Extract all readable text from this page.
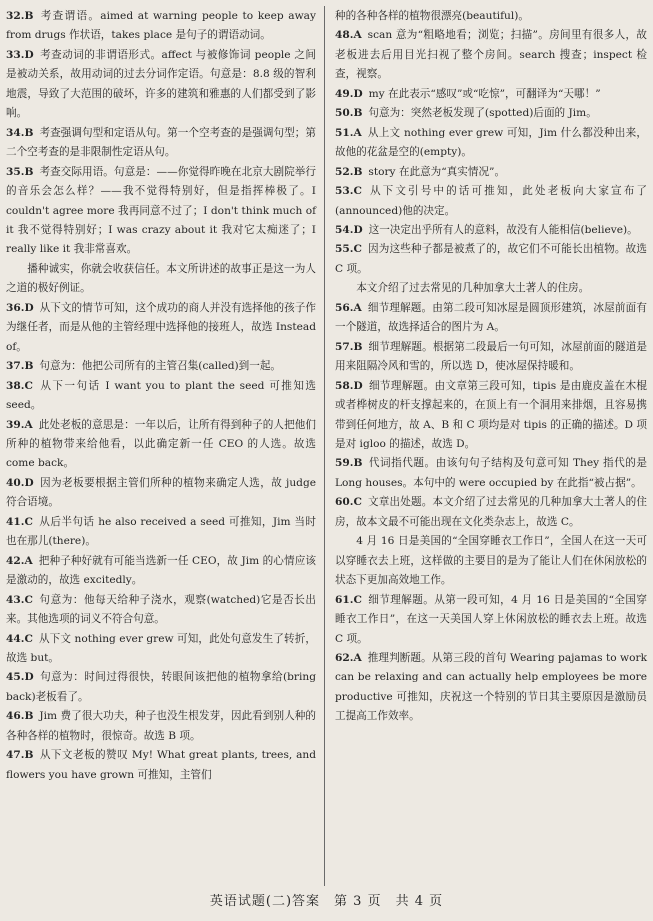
32.B 考查谓语。aimed at warning people to keep away from drugs 作状语，takes place 是句子的谓语动词。

33.D 考查动词的非谓语形式。affect 与被修饰词 people 之间是被动关系，故用动词的过去分词作定语。句意是：8.8 级的智利地震，导致了大范围的破坏，许多的建筑和雅惠的人们都受到了影响。

34.B 考查强调句型和定语从句。第一个空考查的是强调句型；第二个空考查的是非限制性定语从句。

35.B 考查交际用语。句意是：——你觉得昨晚在北京大剧院举行的音乐会怎么样？——我不觉得特别好，但是指挥棒极了。I couldn't agree more 我再同意不过了；I don't think much of it 我不觉得特别好；I was crazy about it 我对它太痴迷了；I really like it 我非常喜欢。

播种诚实，你就会收获信任。本文所讲述的故事正是这一为人之道的极好例证。

36.D 从下文的情节可知，这个成功的商人并没有选择他的孩子作为继任者，而是从他的主管经理中选择他的接班人，故选 Instead of。

37.B 句意为：他把公司所有的主管召集(called)到一起。

38.C 从下一句话 I want you to plant the seed 可推知选 seed。

39.A 此处老板的意思是：一年以后，让所有得到种子的人把他们所种的植物带来给他看，以此确定新一任 CEO 的人选。故选 come back。

40.D 因为老板要根据主管们所种的植物来确定人选，故 judge 符合语境。

41.C 从后半句话 he also received a seed 可推知，Jim 当时也在那儿(there)。

42.A 把种子种好就有可能当选新一任 CEO，故 Jim 的心情应该是激动的，故选 excitedly。

43.C 句意为：他每天给种子浇水，观察(watched)它是否长出来。其他选项的词义不符合句意。

44.C 从下文 nothing ever grew 可知，此处句意发生了转折，故选 but。

45.D 句意为：时间过得很快，转眼间该把他的植物拿给(bring back)老板看了。

46.B Jim 费了很大功夫，种子也没生根发芽，因此看到别人种的各种各样的植物时，很惊奇。故选 B 项。

47.B 从下文老板的赞叹 My! What great plants, trees, and flowers you have grown 可推知，主管们

种的各种各样的植物很漂亮(beautiful)。

48.A scan 意为“粗略地看；浏览；扫描”。房间里有很多人，故老板进去后用目光扫视了整个房间。search 搜查；inspect 检查，视察。

49.D my 在此表示“感叹”或“吃惊”，可翻译为“天哪！”

50.B 句意为：突然老板发现了(spotted)后面的 Jim。

51.A 从上文 nothing ever grew 可知，Jim 什么都没种出来，故他的花盆是空的(empty)。

52.B story 在此意为“真实情况”。

53.C 从下文引号中的话可推知，此处老板向大家宣布了(announced)他的决定。

54.D 这一决定出乎所有人的意料，故没有人能相信(believe)。

55.C 因为这些种子都是被煮了的，故它们不可能长出植物。故选 C 项。

本文介绍了过去常见的几种加拿大土著人的住房。

56.A 细节理解题。由第二段可知冰屋是圆顶形建筑，冰屋前面有一个隧道，故选择适合的图片为 A。

57.B 细节理解题。根据第二段最后一句可知，冰屋前面的隧道是用来阻隔冷风和雪的，所以选 D，使冰屋保持暖和。

58.D 细节理解题。由文章第三段可知，tipis 是由鹿皮盖在木棍或者桦树皮的杆支撑起来的，在顶上有一个洞用来排烟，且容易携带到任何地方，故 A、B 和 C 项均是对 tipis 的正确的描述。D 项是对 igloo 的描述，故选 D。

59.B 代词指代题。由该句句子结构及句意可知 They 指代的是 Long houses。本句中的 were occupied by 在此指“被占据”。

60.C 文章出处题。本文介绍了过去常见的几种加拿大土著人的住房，故本文最不可能出现在文化类杂志上，故选 C。

4 月 16 日是美国的“全国穿睡衣工作日”，全国人在这一天可以穿睡衣去上班，这样做的主要目的是为了能让人们在休闲放松的状态下更加高效地工作。

61.C 细节理解题。从第一段可知，4 月 16 日是美国的“全国穿睡衣工作日”，在这一天美国人穿上休闲放松的睡衣去上班。故选 C 项。

62.A 推理判断题。从第三段的首句 Wearing pajamas to work can be relaxing and can actually help employees be more productive 可推知，庆祝这一个特别的节日其主要原因是激励员工提高工作效率。

英语试题(二)答案　第 3 页　共 4 页
